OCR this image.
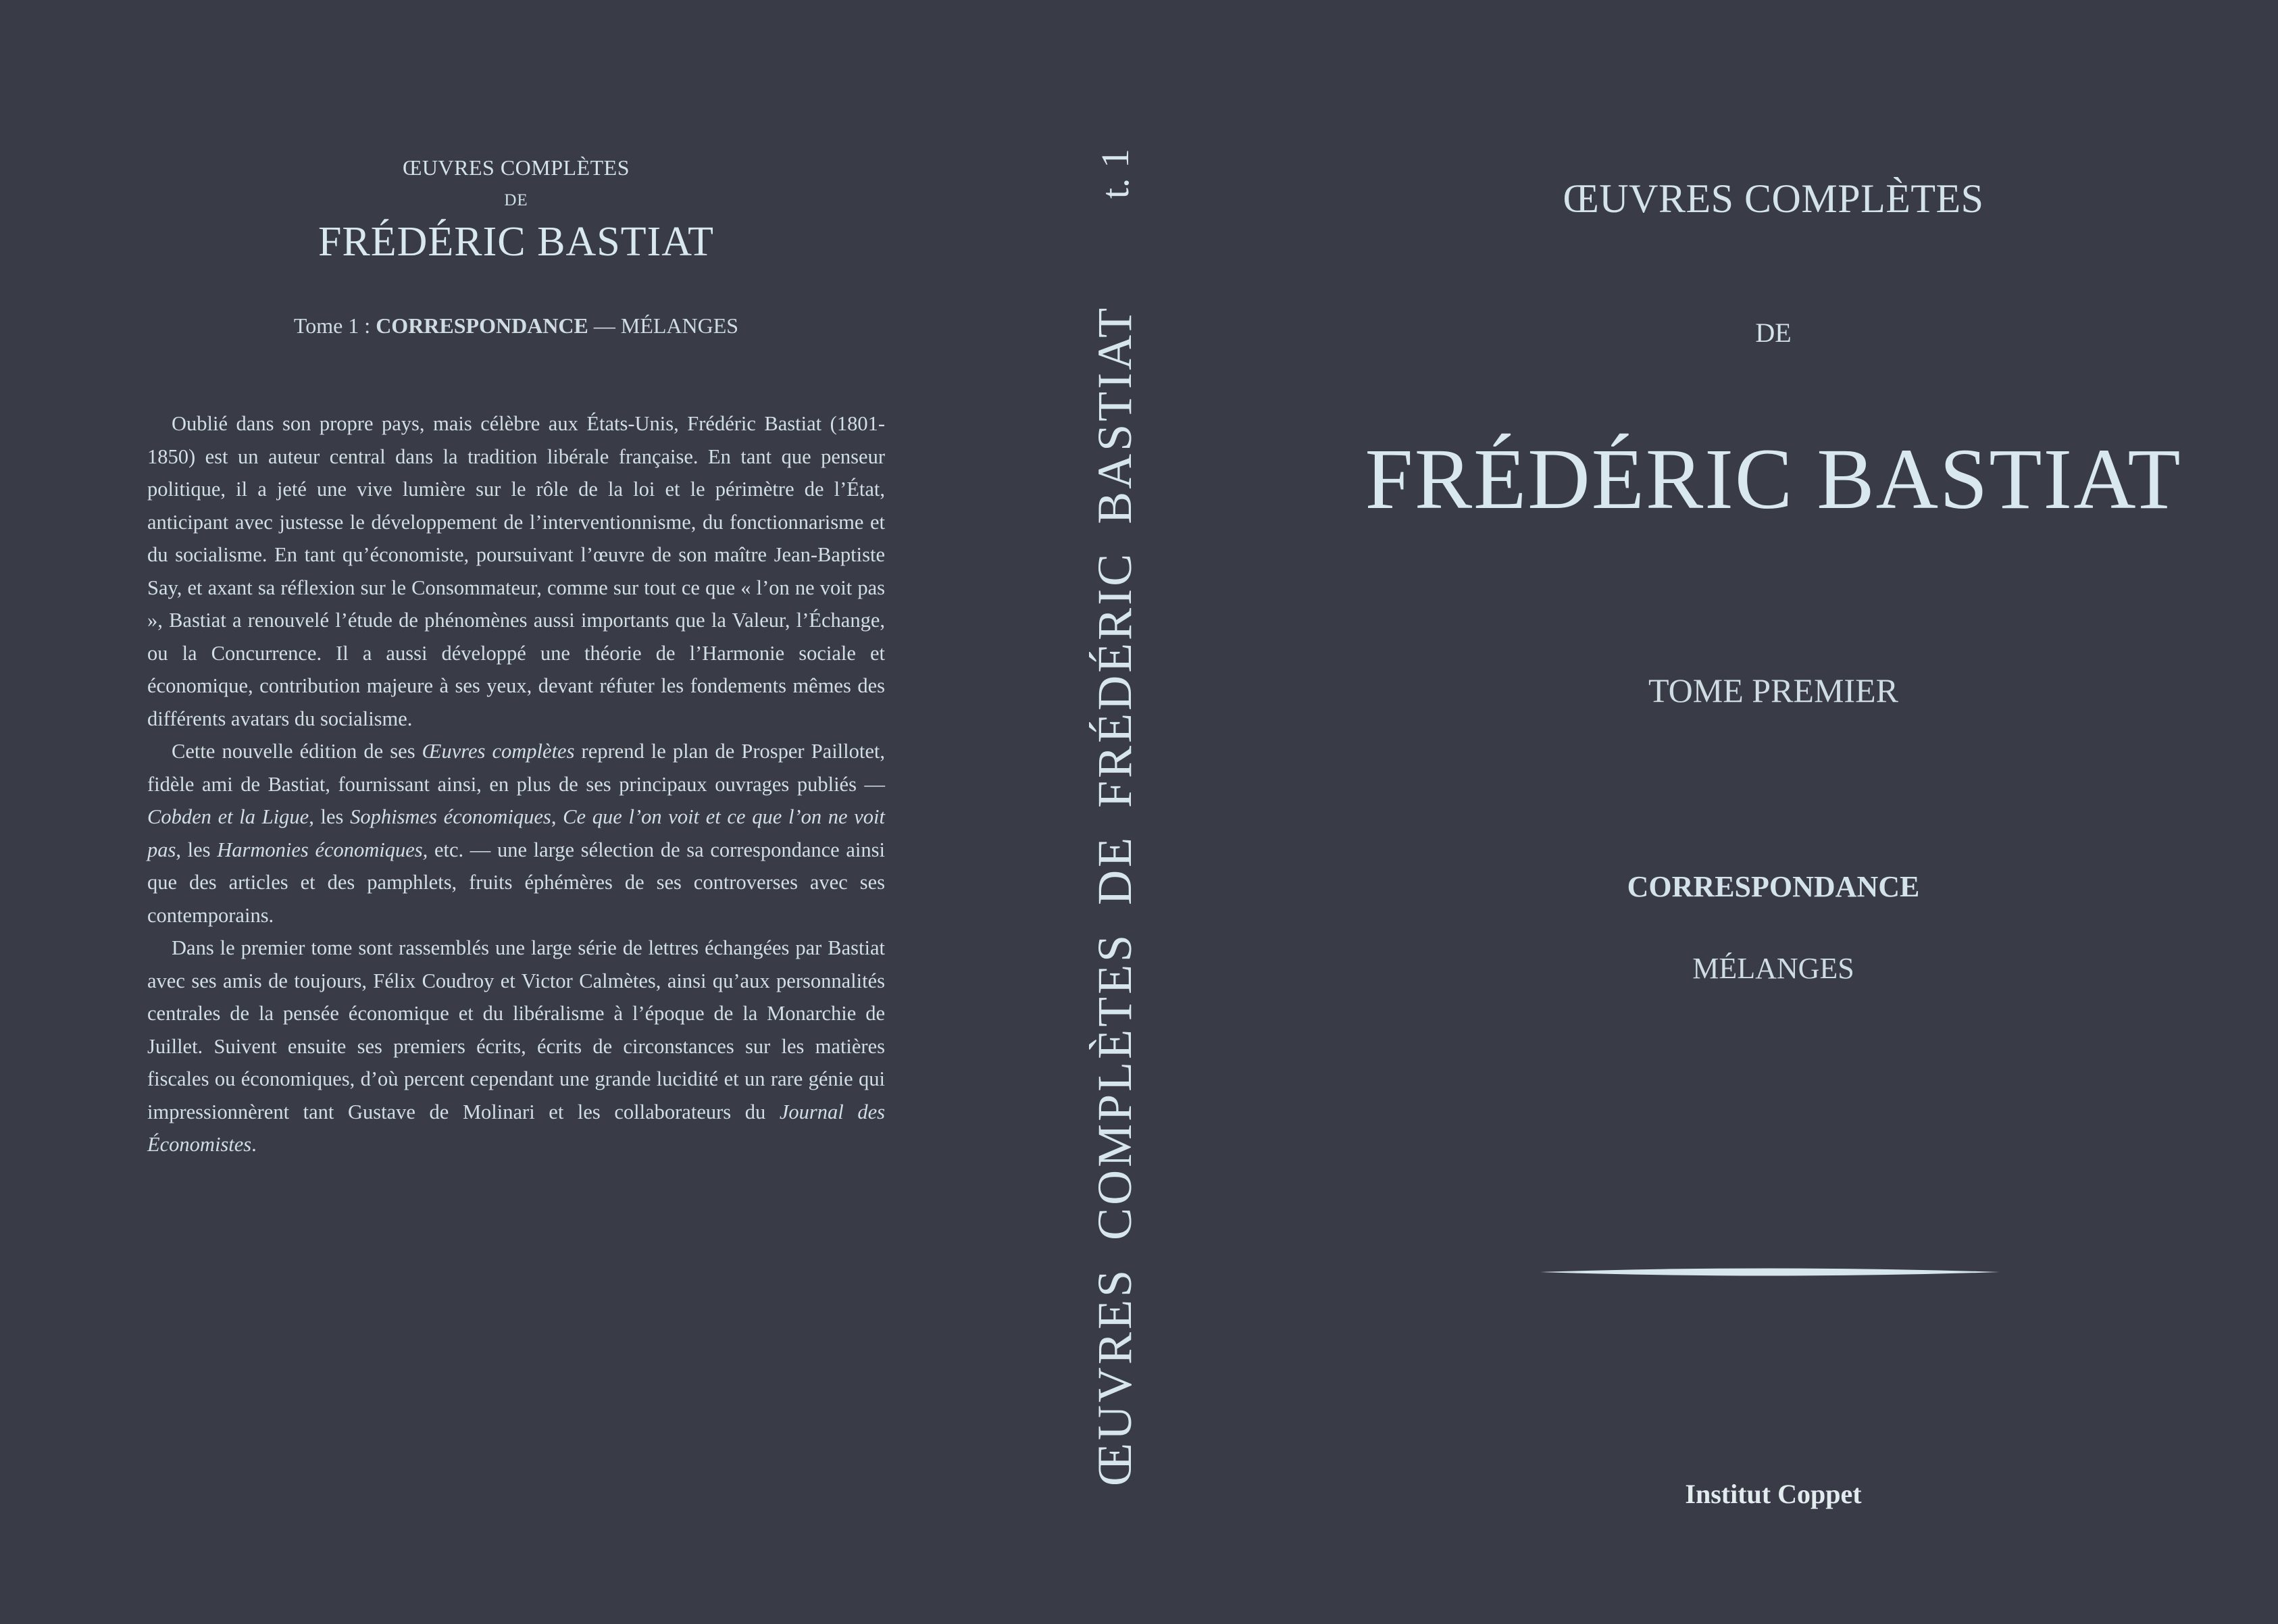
ŒUVRES COMPLÈTES
DE
FRÉDÉRIC BASTIAT
Tome 1 : CORRESPONDANCE — MÉLANGES

Oublié dans son propre pays, mais célèbre aux États-Unis, Frédéric Bastiat (1801-1850) est un auteur central dans la tradition libérale française. En tant que penseur politique, il a jeté une vive lumière sur le rôle de la loi et le périmètre de l’État, anticipant avec justesse le développement de l’interventionnisme, du fonctionnarisme et du socialisme. En tant qu’économiste, poursuivant l’œuvre de son maître Jean-Baptiste Say, et axant sa réflexion sur le Consommateur, comme sur tout ce que « l’on ne voit pas », Bastiat a renouvelé l’étude de phénomènes aussi importants que la Valeur, l’Échange, ou la Concurrence. Il a aussi développé une théorie de l’Harmonie sociale et économique, contribution majeure à ses yeux, devant réfuter les fondements mêmes des différents avatars du socialisme.

Cette nouvelle édition de ses Œuvres complètes reprend le plan de Prosper Paillotet, fidèle ami de Bastiat, fournissant ainsi, en plus de ses principaux ouvrages publiés — Cobden et la Ligue, les Sophismes économiques, Ce que l’on voit et ce que l’on ne voit pas, les Harmonies économiques, etc. — une large sélection de sa correspondance ainsi que des articles et des pamphlets, fruits éphémères de ses controverses avec ses contemporains.

Dans le premier tome sont rassemblés une large série de lettres échangées par Bastiat avec ses amis de toujours, Félix Coudroy et Victor Calmètes, ainsi qu’aux personnalités centrales de la pensée économique et du libéralisme à l’époque de la Monarchie de Juillet. Suivent ensuite ses premiers écrits, écrits de circonstances sur les matières fiscales ou économiques, d’où percent cependant une grande lucidité et un rare génie qui impressionnèrent tant Gustave de Molinari et les collaborateurs du Journal des Économistes.	ŒUVRES COMPLÈTES DE FRÉDÉRIC BASTIAT
t. 1	ŒUVRES COMPLÈTES
DE
FRÉDÉRIC BASTIAT
TOME PREMIER
CORRESPONDANCE
MÉLANGES
Institut Coppet
